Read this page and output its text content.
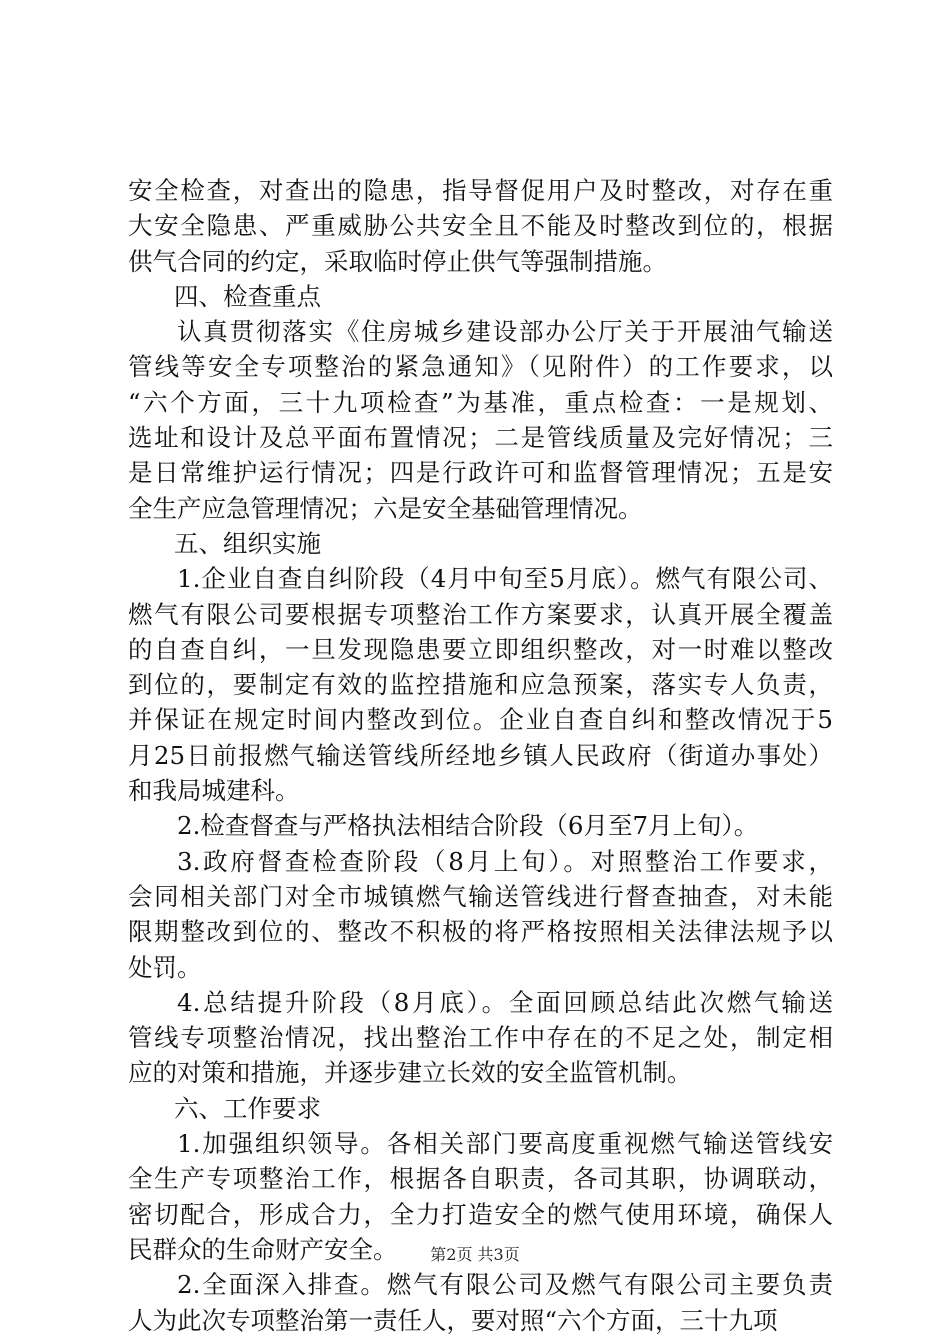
安全检查，对查出的隐患，指导督促用户及时整改，对存在重
大安全隐患、严重威胁公共安全且不能及时整改到位的，根据
供气合同的约定，采取临时停止供气等强制措施。
四、检查重点
认真贯彻落实《住房城乡建设部办公厅关于开展油气输送
管线等安全专项整治的紧急通知》（见附件）的工作要求，以
“六个方面，三十九项检查”为基准，重点检查：一是规划、
选址和设计及总平面布置情况；二是管线质量及完好情况；三
是日常维护运行情况；四是行政许可和监督管理情况；五是安
全生产应急管理情况；六是安全基础管理情况。
五、组织实施
1.企业自查自纠阶段（4月中旬至5月底）。燃气有限公司、
燃气有限公司要根据专项整治工作方案要求，认真开展全覆盖
的自查自纠，一旦发现隐患要立即组织整改，对一时难以整改
到位的，要制定有效的监控措施和应急预案，落实专人负责，
并保证在规定时间内整改到位。企业自查自纠和整改情况于5
月25日前报燃气输送管线所经地乡镇人民政府（街道办事处）
和我局城建科。
2.检查督查与严格执法相结合阶段（6月至7月上旬）。
3.政府督查检查阶段（8月上旬）。对照整治工作要求，
会同相关部门对全市城镇燃气输送管线进行督查抽查，对未能
限期整改到位的、整改不积极的将严格按照相关法律法规予以
处罚。
4.总结提升阶段（8月底）。全面回顾总结此次燃气输送
管线专项整治情况，找出整治工作中存在的不足之处，制定相
应的对策和措施，并逐步建立长效的安全监管机制。
六、工作要求
1.加强组织领导。各相关部门要高度重视燃气输送管线安
全生产专项整治工作，根据各自职责，各司其职，协调联动，
密切配合，形成合力，全力打造安全的燃气使用环境，确保人
民群众的生命财产安全。
2.全面深入排查。燃气有限公司及燃气有限公司主要负责
人为此次专项整治第一责任人，要对照“六个方面，三十九项
第2页 共3页
